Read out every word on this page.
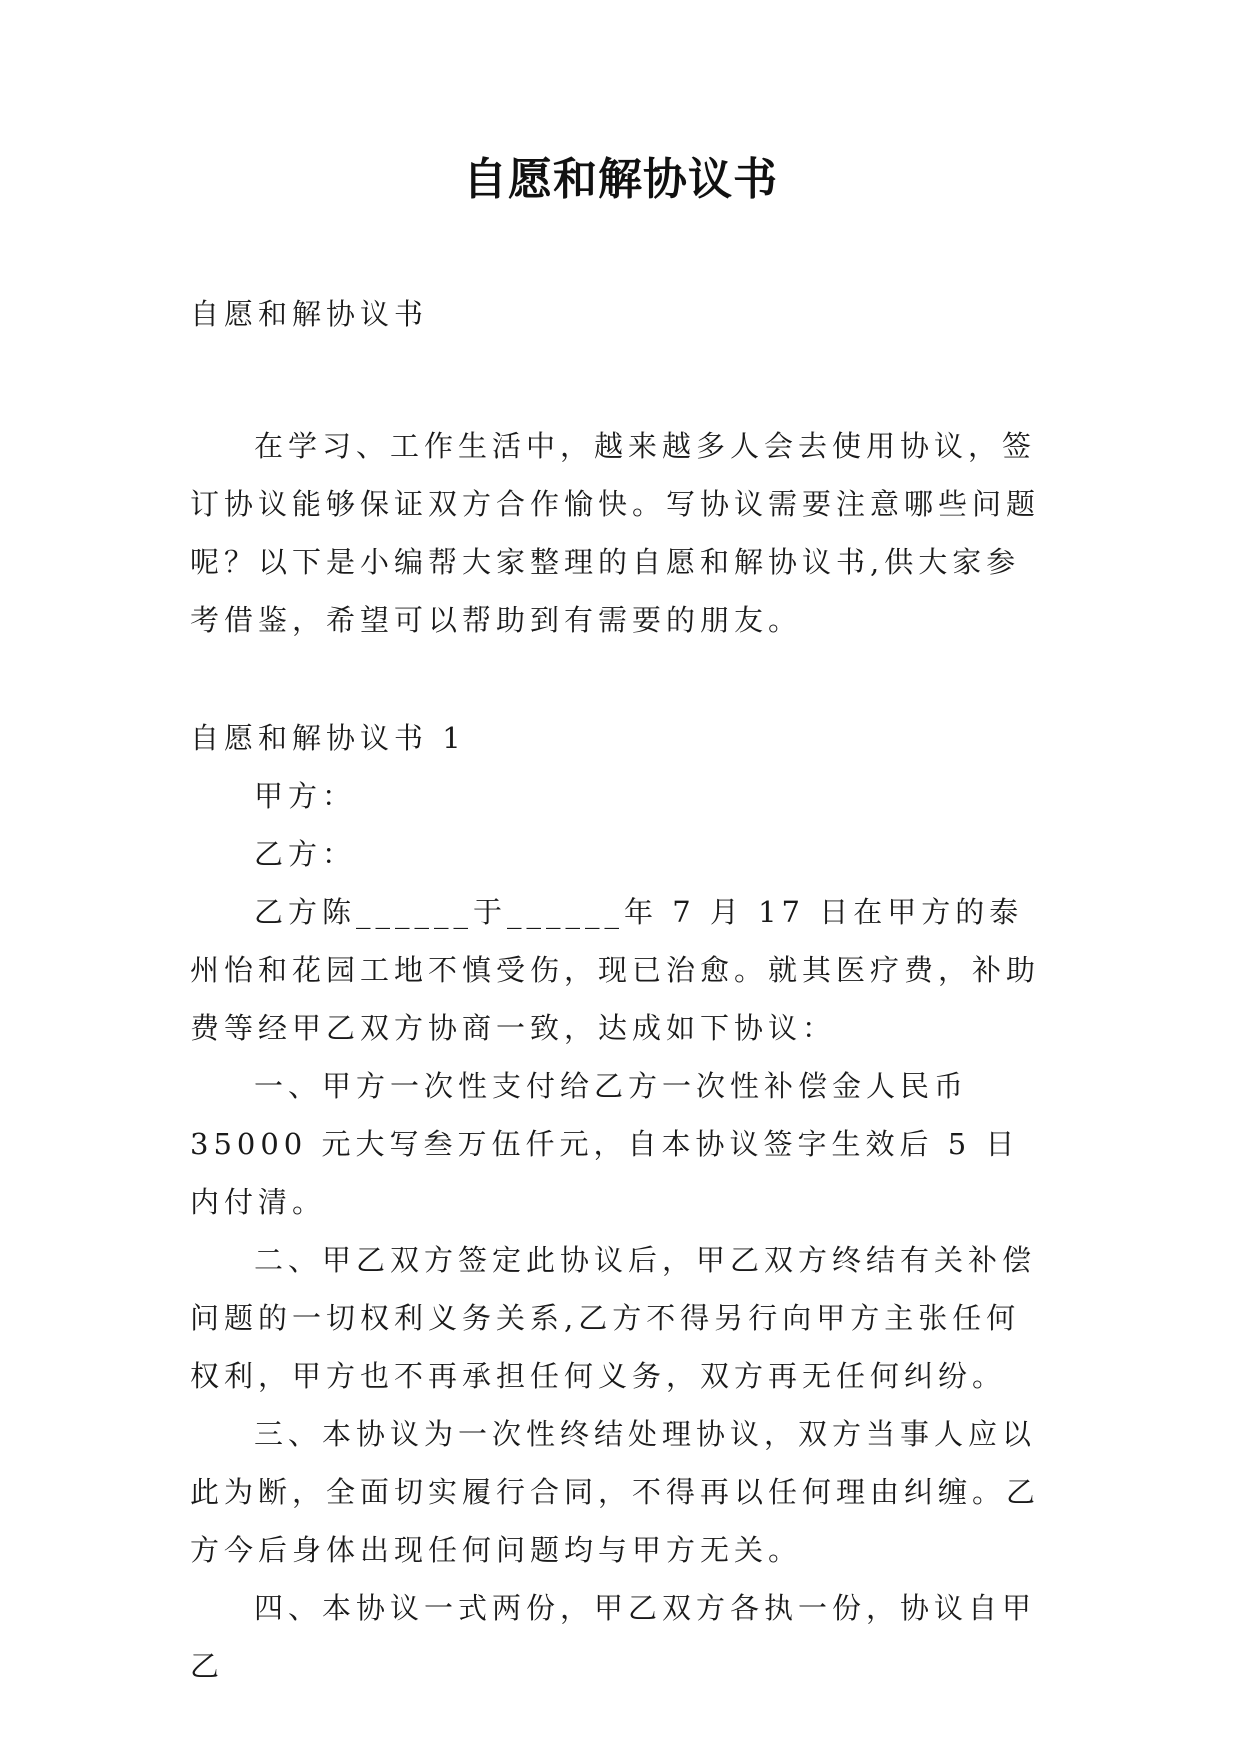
自愿和解协议书

自愿和解协议书

在学习、工作生活中，越来越多人会去使用协议，签订协议能够保证双方合作愉快。写协议需要注意哪些问题呢？以下是小编帮大家整理的自愿和解协议书,供大家参考借鉴，希望可以帮助到有需要的朋友。

自愿和解协议书 1

甲方：

乙方：

乙方陈______于______年 7 月 17 日在甲方的泰州怡和花园工地不慎受伤，现已治愈。就其医疗费，补助费等经甲乙双方协商一致，达成如下协议：

一、甲方一次性支付给乙方一次性补偿金人民币 35000 元大写叁万伍仟元，自本协议签字生效后 5 日内付清。

二、甲乙双方签定此协议后，甲乙双方终结有关补偿问题的一切权利义务关系,乙方不得另行向甲方主张任何权利，甲方也不再承担任何义务，双方再无任何纠纷。

三、本协议为一次性终结处理协议，双方当事人应以此为断，全面切实履行合同，不得再以任何理由纠缠。乙方今后身体出现任何问题均与甲方无关。

四、本协议一式两份，甲乙双方各执一份，协议自甲乙
